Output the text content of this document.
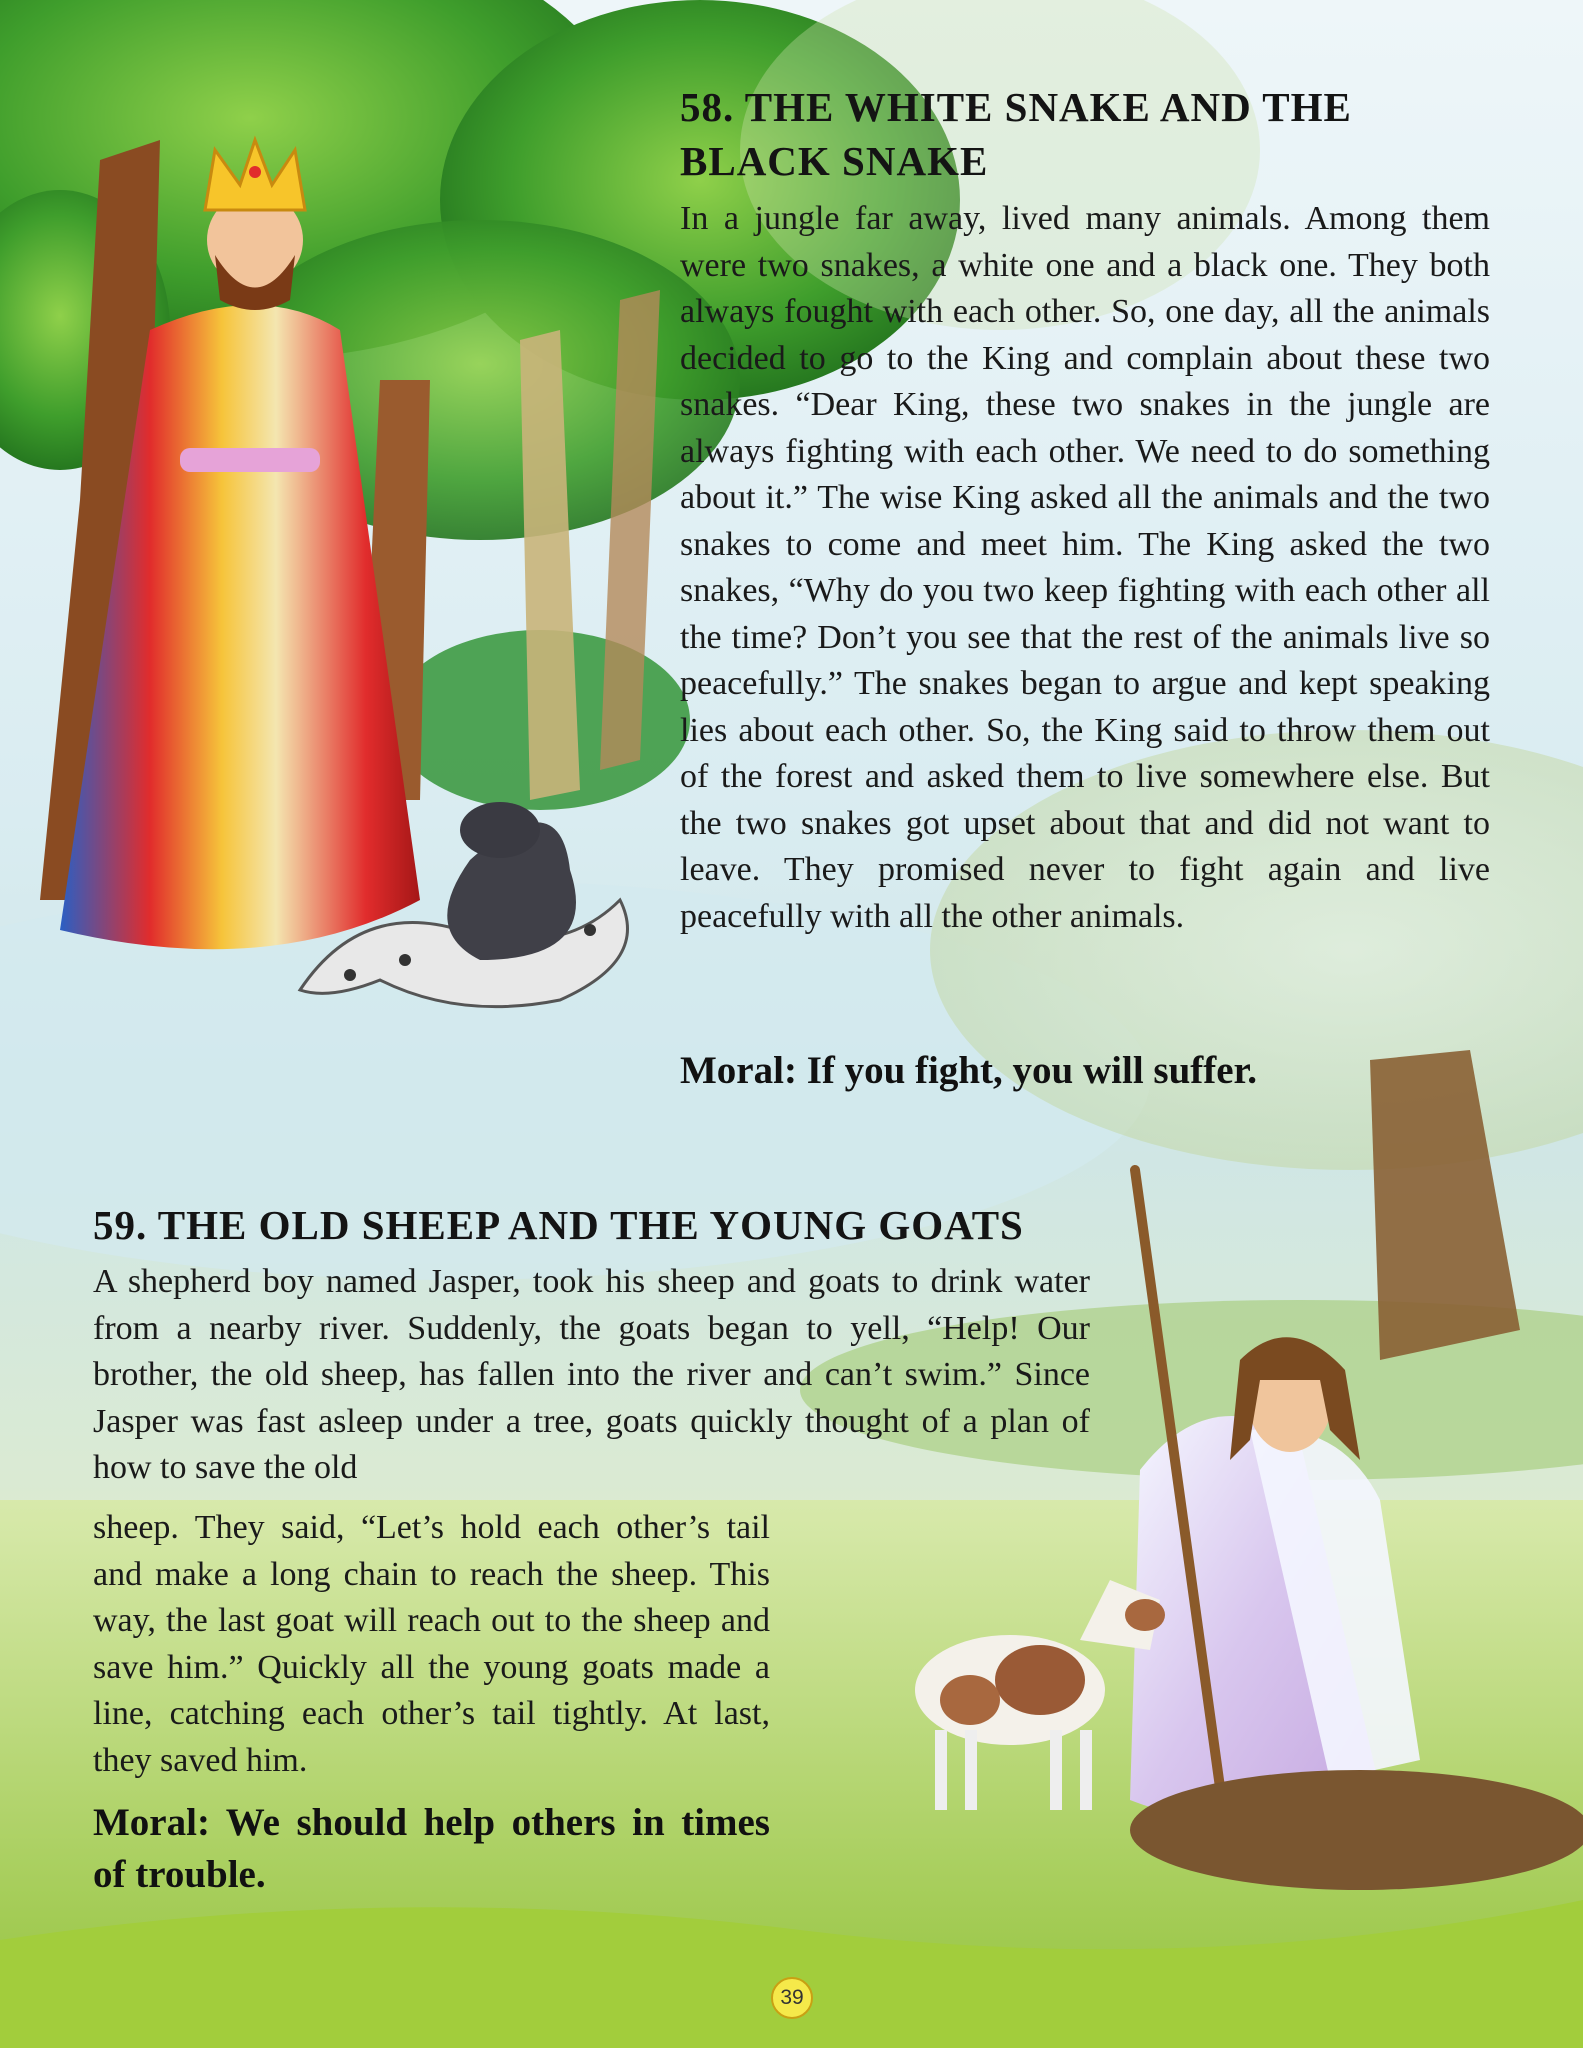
58. THE WHITE SNAKE AND THE
BLACK SNAKE

In a jungle far away, lived many animals. Among them were two snakes, a white one and a black one. They both always fought with each other. So, one day, all the animals decided to go to the King and complain about these two snakes. “Dear King, these two snakes in the jungle are always fighting with each other. We need to do something about it.” The wise King asked all the animals and the two snakes to come and meet him. The King asked the two snakes, “Why do you two keep fighting with each other all the time? Don’t you see that the rest of the animals live so peacefully.” The snakes began to argue and kept speaking lies about each other. So, the King said to throw them out of the forest and asked them to live somewhere else. But the two snakes got upset about that and did not want to leave. They promised never to fight again and live peacefully with all the other animals.

Moral: If you fight, you will suffer.

59. THE OLD SHEEP AND THE YOUNG GOATS

A shepherd boy named Jasper, took his sheep and goats to drink water from a nearby river. Suddenly, the goats began to yell, “Help! Our brother, the old sheep, has fallen into the river and can’t swim.” Since Jasper was fast asleep under a tree, goats quickly thought of a plan of how to save the old

sheep. They said, “Let’s hold each other’s tail and make a long chain to reach the sheep. This way, the last goat will reach out to the sheep and save him.” Quickly all the young goats made a line, catching each other’s tail tightly. At last, they saved him.

Moral: We should help others in times of trouble.

39
